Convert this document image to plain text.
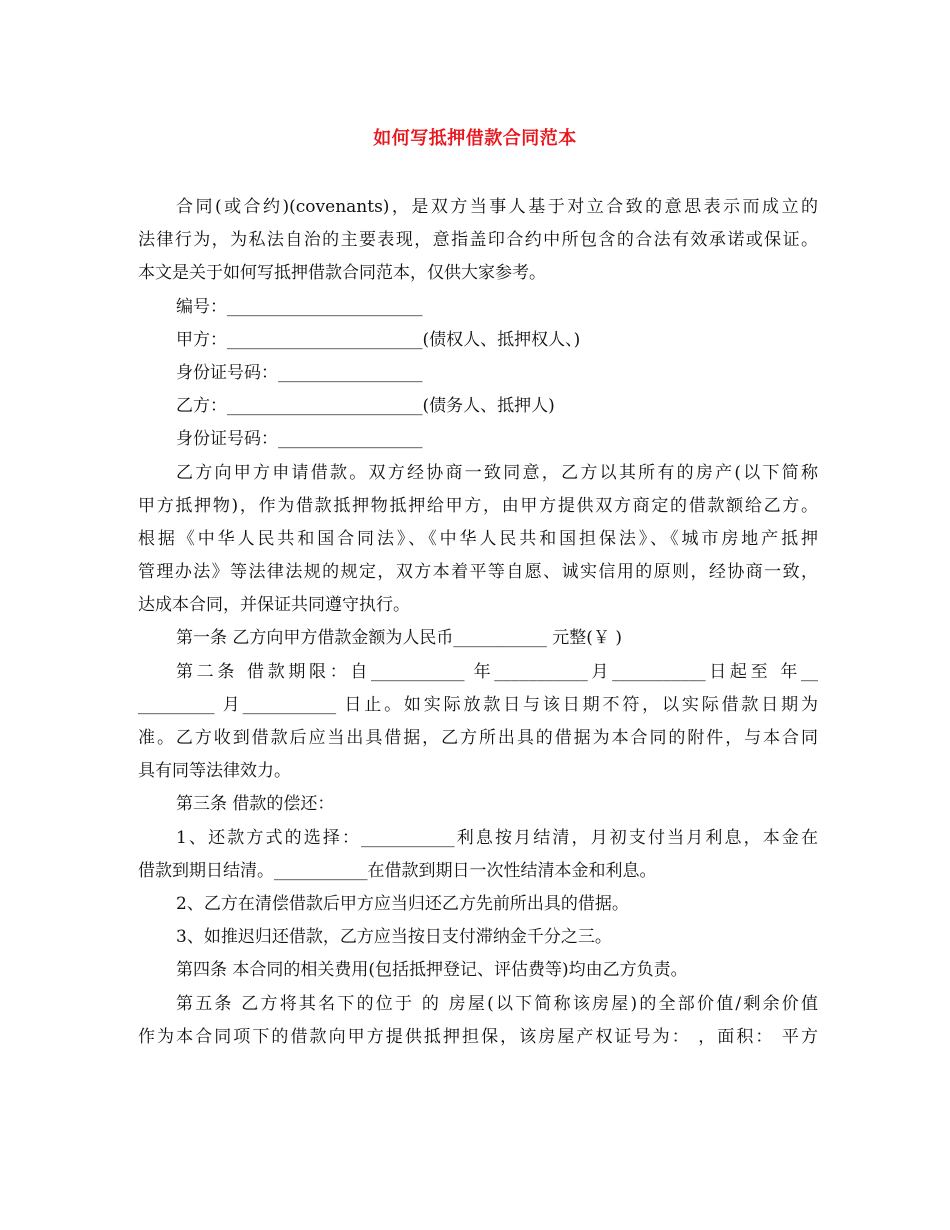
如何写抵押借款合同范本
合同(或合约)(covenants)，是双方当事人基于对立合致的意思表示而成立的
法律行为，为私法自治的主要表现，意指盖印合约中所包含的合法有效承诺或保证。
本文是关于如何写抵押借款合同范本，仅供大家参考。
编号：_______________________
甲方：_______________________(债权人、抵押权人、)
身份证号码：_________________
乙方：_______________________(债务人、抵押人)
身份证号码：_________________
乙方向甲方申请借款。双方经协商一致同意，乙方以其所有的房产(以下简称
甲方抵押物)，作为借款抵押物抵押给甲方，由甲方提供双方商定的借款额给乙方。
根据《中华人民共和国合同法》、《中华人民共和国担保法》、《城市房地产抵押
管理办法》等法律法规的规定，双方本着平等自愿、诚实信用的原则，经协商一致，
达成本合同，并保证共同遵守执行。
第一条 乙方向甲方借款金额为人民币___________ 元整(￥ )
第二条 借款期限：自___________ 年___________月___________日起至 年__
_________ 月___________ 日止。如实际放款日与该日期不符，以实际借款日期为
准。乙方收到借款后应当出具借据，乙方所出具的借据为本合同的附件，与本合同
具有同等法律效力。
第三条 借款的偿还：
1、还款方式的选择：___________利息按月结清，月初支付当月利息，本金在
借款到期日结清。___________在借款到期日一次性结清本金和利息。
2、乙方在清偿借款后甲方应当归还乙方先前所出具的借据。
3、如推迟归还借款，乙方应当按日支付滞纳金千分之三。
第四条 本合同的相关费用(包括抵押登记、评估费等)均由乙方负责。
第五条 乙方将其名下的位于 的 房屋(以下简称该房屋)的全部价值/剩余价值
作为本合同项下的借款向甲方提供抵押担保，该房屋产权证号为： ，面积： 平方
